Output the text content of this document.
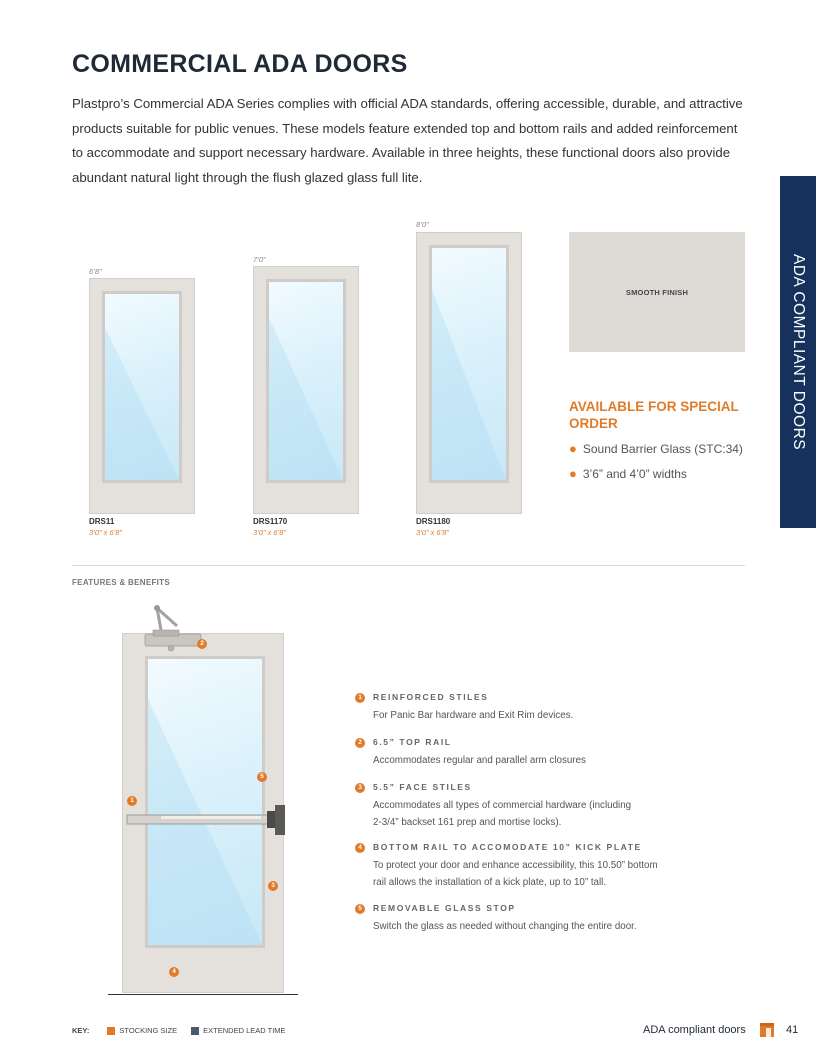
COMMERCIAL ADA DOORS

Plastpro’s Commercial ADA Series complies with official ADA standards, offering accessible, durable, and attractive products suitable for public venues. These models feature extended top and bottom rails and added reinforcement to accommodate and support necessary hardware. Available in three heights, these functional doors also provide abundant natural light through the flush glazed glass full lite.

ADA COMPLIANT DOORS
6’8”
DRS11
3’0” x 6’8”
7’0”
DRS1170
3’0” x 6’8”
8’0”
DRS1180
3’0” x 6’8”
SMOOTH FINISH
AVAILABLE FOR SPECIAL ORDER
● Sound Barrier Glass (STC:34)
● 3’6” and 4’0” widths
FEATURES & BENEFITS
1
2
3
4
5
1	REINFORCED STILES
For Panic Bar hardware and Exit Rim devices.
2	6.5” TOP RAIL
Accommodates regular and parallel arm closures
3	5.5” FACE STILES
Accommodates all types of commercial hardware (including 2-3/4” backset 161 prep and mortise locks).
4	BOTTOM RAIL TO ACCOMODATE 10” KICK PLATE
To protect your door and enhance accessibility, this 10.50” bottom rail allows the installation of a kick plate, up to 10” tall.
5	REMOVABLE GLASS STOP
Switch the glass as needed without changing the entire door.
KEY:	STOCKING SIZE	EXTENDED LEAD TIME	ADA compliant doors	41
